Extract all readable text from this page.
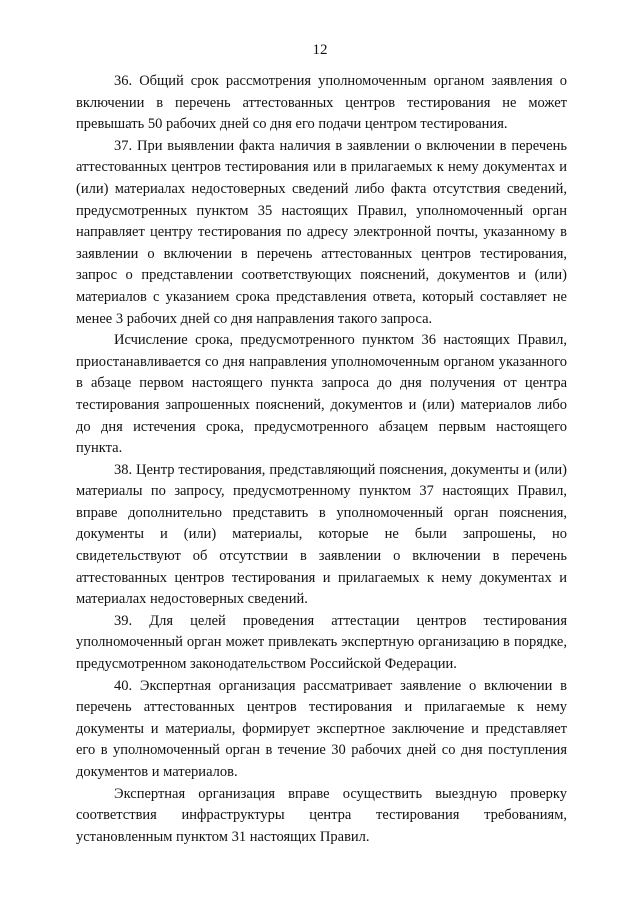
12

36. Общий срок рассмотрения уполномоченным органом заявления о включении в перечень аттестованных центров тестирования не может превышать 50 рабочих дней со дня его подачи центром тестирования.

37. При выявлении факта наличия в заявлении о включении в перечень аттестованных центров тестирования или в прилагаемых к нему документах и (или) материалах недостоверных сведений либо факта отсутствия сведений, предусмотренных пунктом 35 настоящих Правил, уполномоченный орган направляет центру тестирования по адресу электронной почты, указанному в заявлении о включении в перечень аттестованных центров тестирования, запрос о представлении соответствующих пояснений, документов и (или) материалов с указанием срока представления ответа, который составляет не менее 3 рабочих дней со дня направления такого запроса.

Исчисление срока, предусмотренного пунктом 36 настоящих Правил, приостанавливается со дня направления уполномоченным органом указанного в абзаце первом настоящего пункта запроса до дня получения от центра тестирования запрошенных пояснений, документов и (или) материалов либо до дня истечения срока, предусмотренного абзацем первым настоящего пункта.

38. Центр тестирования, представляющий пояснения, документы и (или) материалы по запросу, предусмотренному пунктом 37 настоящих Правил, вправе дополнительно представить в уполномоченный орган пояснения, документы и (или) материалы, которые не были запрошены, но свидетельствуют об отсутствии в заявлении о включении в перечень аттестованных центров тестирования и прилагаемых к нему документах и материалах недостоверных сведений.

39. Для целей проведения аттестации центров тестирования уполномоченный орган может привлекать экспертную организацию в порядке, предусмотренном законодательством Российской Федерации.

40. Экспертная организация рассматривает заявление о включении в перечень аттестованных центров тестирования и прилагаемые к нему документы и материалы, формирует экспертное заключение и представляет его в уполномоченный орган в течение 30 рабочих дней со дня поступления документов и материалов.

Экспертная организация вправе осуществить выездную проверку соответствия инфраструктуры центра тестирования требованиям, установленным пунктом 31 настоящих Правил.
